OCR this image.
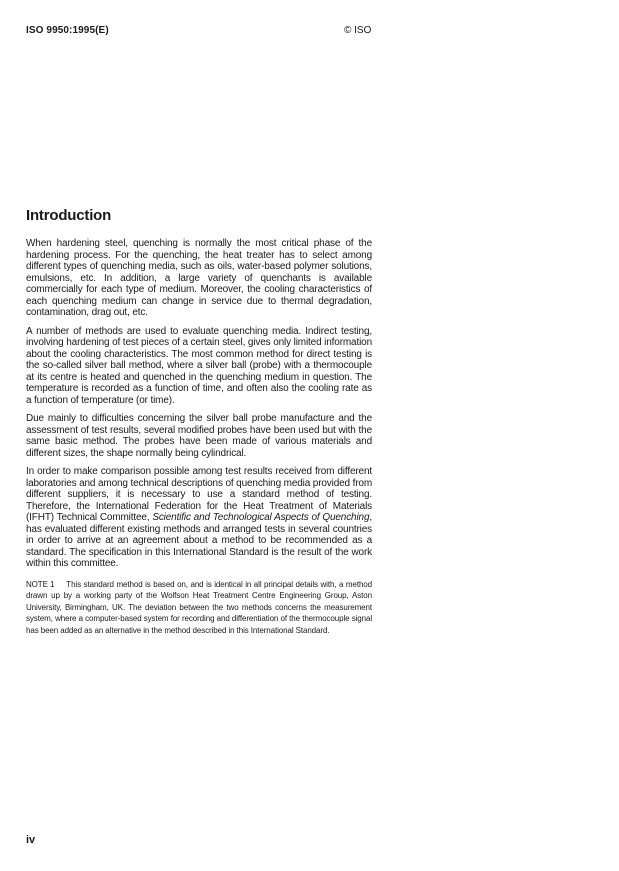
ISO 9950:1995(E)	© ISO
Introduction

When hardening steel, quenching is normally the most critical phase of the hardening process. For the quenching, the heat treater has to select among different types of quenching media, such as oils, water-based polymer solutions, emulsions, etc. In addition, a large variety of quenchants is available commercially for each type of medium. Moreover, the cooling characteristics of each quenching medium can change in service due to thermal degradation, contamination, drag out, etc.

A number of methods are used to evaluate quenching media. Indirect testing, involving hardening of test pieces of a certain steel, gives only limited information about the cooling characteristics. The most common method for direct testing is the so-called silver ball method, where a silver ball (probe) with a thermocouple at its centre is heated and quenched in the quenching medium in question. The temperature is recorded as a function of time, and often also the cooling rate as a function of temperature (or time).

Due mainly to difficulties concerning the silver ball probe manufacture and the assessment of test results, several modified probes have been used but with the same basic method. The probes have been made of various materials and different sizes, the shape normally being cylindrical.

In order to make comparison possible among test results received from different laboratories and among technical descriptions of quenching media provided from different suppliers, it is necessary to use a standard method of testing. Therefore, the International Federation for the Heat Treatment of Materials (IFHT) Technical Committee, Scientific and Technological Aspects of Quenching, has evaluated different existing methods and arranged tests in several countries in order to arrive at an agreement about a method to be recommended as a standard. The specification in this International Standard is the result of the work within this committee.

NOTE 1 This standard method is based on, and is identical in all principal details with, a method drawn up by a working party of the Wolfson Heat Treatment Centre Engineering Group, Aston University, Birmingham, UK. The deviation between the two methods concerns the measurement system, where a computer-based system for recording and differentiation of the thermocouple signal has been added as an alternative in the method described in this International Standard.

iv
